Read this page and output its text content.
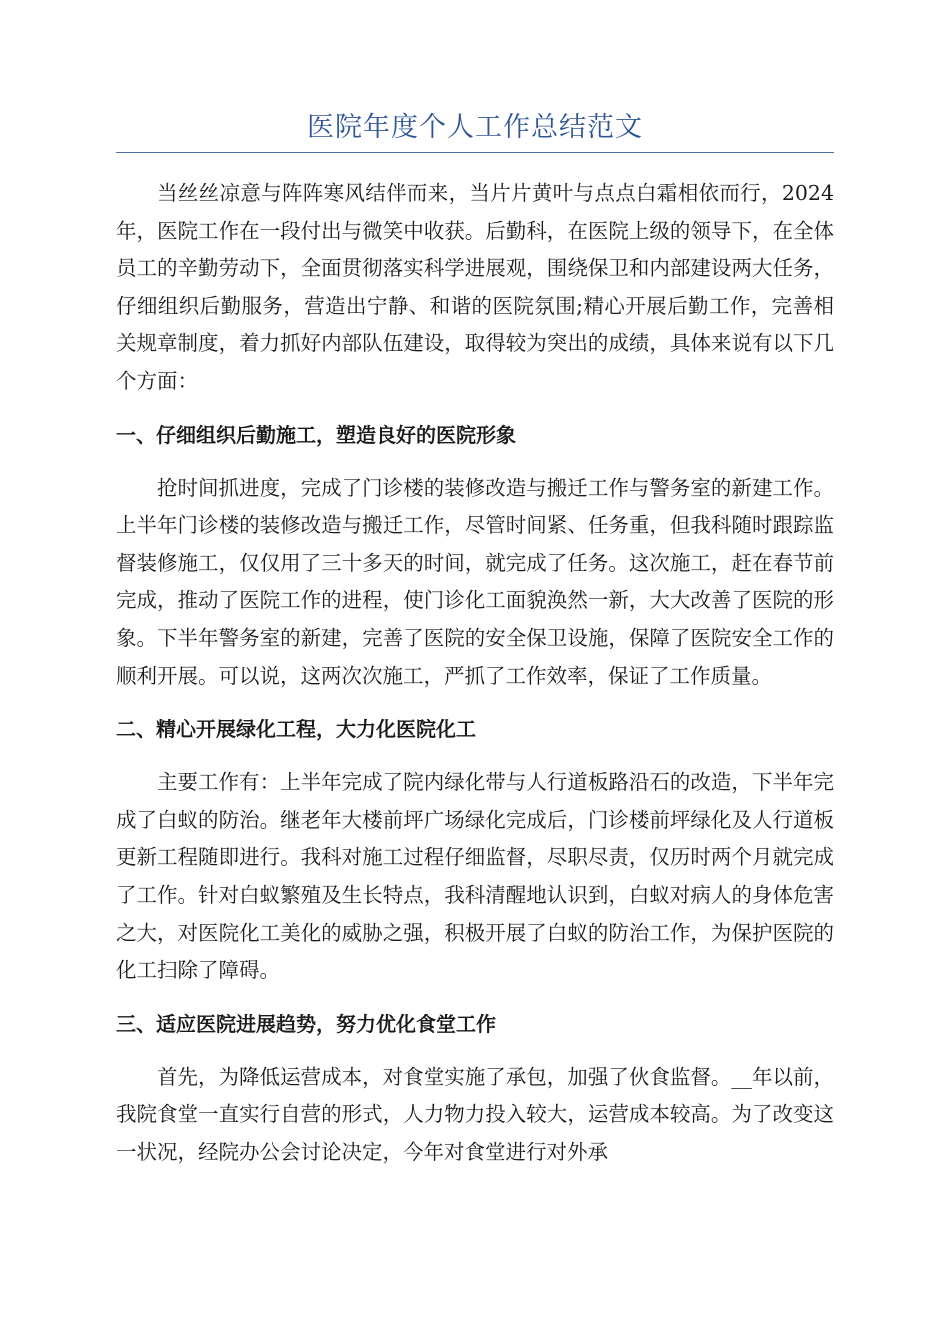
医院年度个人工作总结范文

当丝丝凉意与阵阵寒风结伴而来，当片片黄叶与点点白霜相依而行，2024年，医院工作在一段付出与微笑中收获。后勤科，在医院上级的领导下，在全体员工的辛勤劳动下，全面贯彻落实科学进展观，围绕保卫和内部建设两大任务，仔细组织后勤服务，营造出宁静、和谐的医院氛围;精心开展后勤工作，完善相关规章制度，着力抓好内部队伍建设，取得较为突出的成绩，具体来说有以下几个方面：

一、仔细组织后勤施工，塑造良好的医院形象

抢时间抓进度，完成了门诊楼的装修改造与搬迁工作与警务室的新建工作。上半年门诊楼的装修改造与搬迁工作，尽管时间紧、任务重，但我科随时跟踪监督装修施工，仅仅用了三十多天的时间，就完成了任务。这次施工，赶在春节前完成，推动了医院工作的进程，使门诊化工面貌涣然一新，大大改善了医院的形象。下半年警务室的新建，完善了医院的安全保卫设施，保障了医院安全工作的顺利开展。可以说，这两次次施工，严抓了工作效率，保证了工作质量。

二、精心开展绿化工程，大力化医院化工

主要工作有：上半年完成了院内绿化带与人行道板路沿石的改造，下半年完成了白蚁的防治。继老年大楼前坪广场绿化完成后，门诊楼前坪绿化及人行道板更新工程随即进行。我科对施工过程仔细监督，尽职尽责，仅历时两个月就完成了工作。针对白蚁繁殖及生长特点，我科清醒地认识到，白蚁对病人的身体危害之大，对医院化工美化的威胁之强，积极开展了白蚁的防治工作，为保护医院的化工扫除了障碍。

三、适应医院进展趋势，努力优化食堂工作

首先，为降低运营成本，对食堂实施了承包，加强了伙食监督。__年以前，我院食堂一直实行自营的形式，人力物力投入较大，运营成本较高。为了改变这一状况，经院办公会讨论决定，今年对食堂进行对外承
